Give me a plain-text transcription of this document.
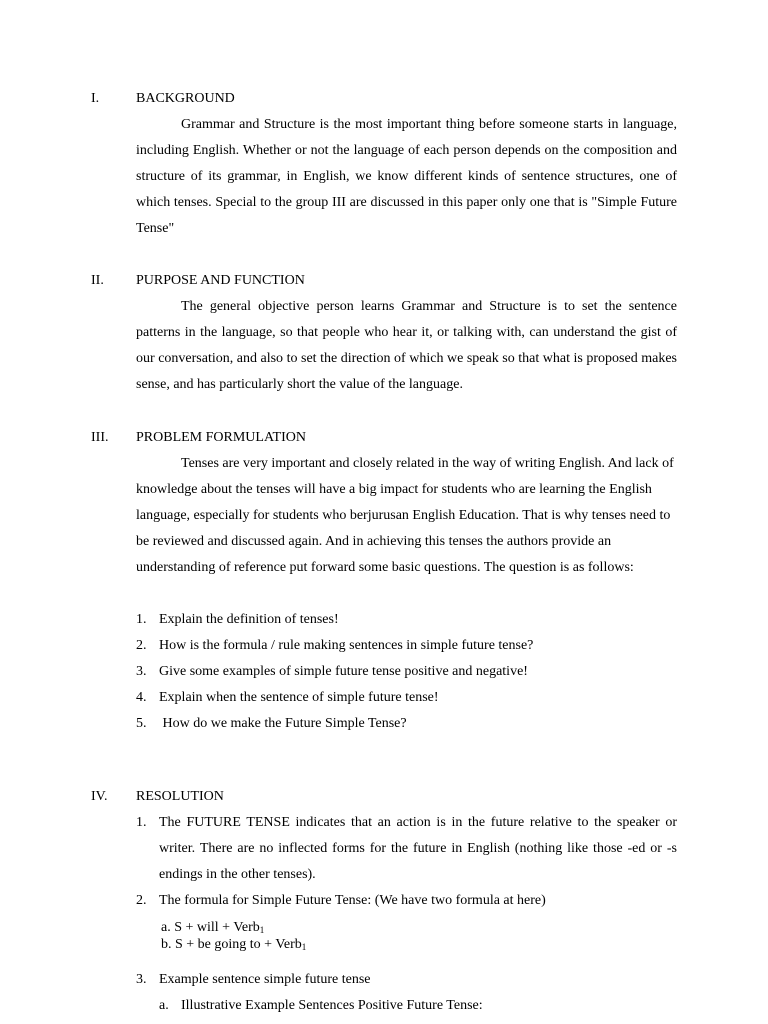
I.	BACKGROUND

Grammar and Structure is the most important thing before someone starts in language, including English. Whether or not the language of each person depends on the composition and structure of its grammar, in English, we know different kinds of sentence structures, one of which tenses. Special to the group III are discussed in this paper only one that is "Simple Future Tense"

II. PURPOSE AND FUNCTION

The general objective person learns Grammar and Structure is to set the sentence patterns in the language, so that people who hear it, or talking with, can understand the gist of our conversation, and also to set the direction of which we speak so that what is proposed makes sense, and has particularly short the value of the language.

III. PROBLEM FORMULATION

Tenses are very important and closely related in the way of writing English. And lack of knowledge about the tenses will have a big impact for students who are learning the English language, especially for students who berjurusan English Education. That is why tenses need to be reviewed and discussed again. And in achieving this tenses the authors provide an understanding of reference put forward some basic questions. The question is as follows:

1. Explain the definition of tenses!
2. How is the formula / rule making sentences in simple future tense?
3. Give some examples of simple future tense positive and negative!
4. Explain when the sentence of simple future tense!
5. How do we make the Future Simple Tense?
IV. RESOLUTION
1. The FUTURE TENSE indicates that an action is in the future relative to the speaker or writer. There are no inflected forms for the future in English (nothing like those -ed or -s endings in the other tenses).
2. The formula for Simple Future Tense: (We have two formula at here)
a. S + will + Verb$_1$
b. S + be going to + Verb$_1$
3. Example sentence simple future tense
a. Illustrative Example Sentences Positive Future Tense:
